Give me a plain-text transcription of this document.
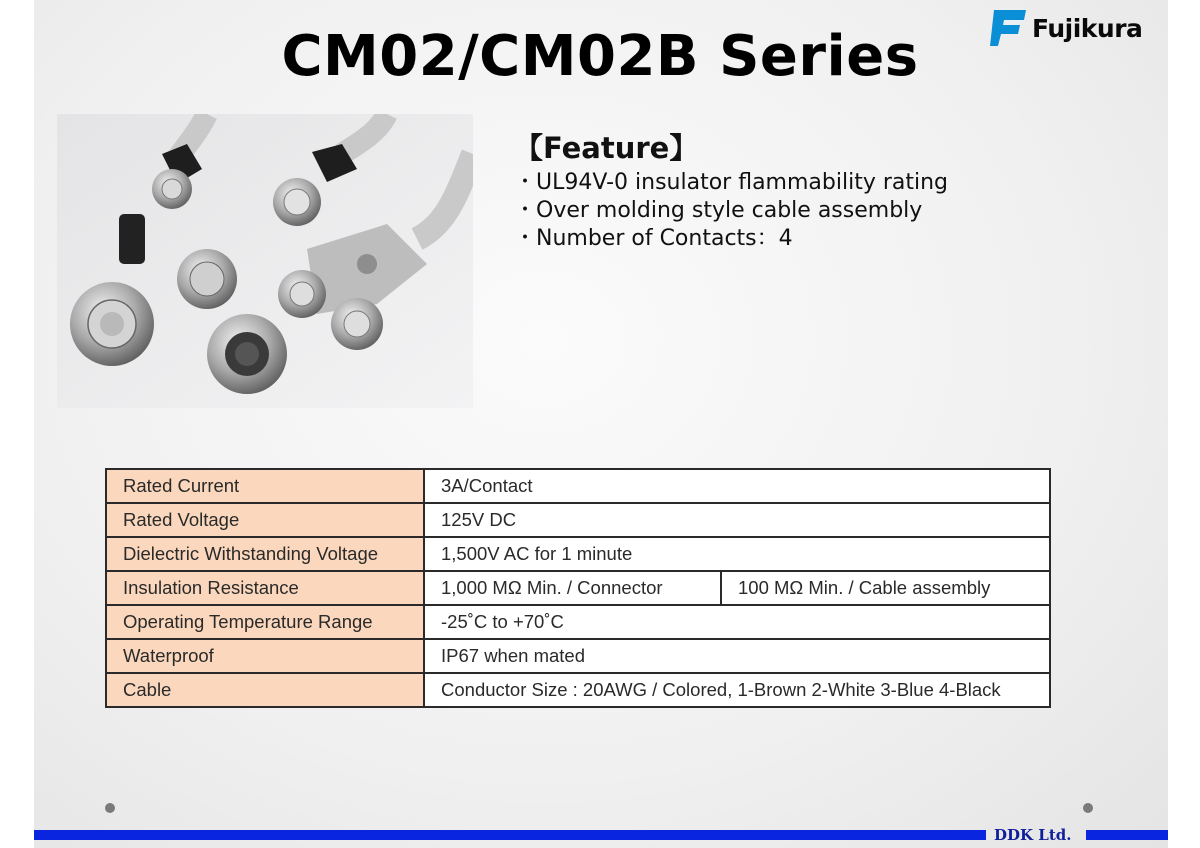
CM02/CM02B Series	Fujikura
【Feature】
・UL94V-0 insulator flammability rating
・Over molding style cable assembly
・Number of Contacts：4
Rated Current	3A/Contact	
Rated Voltage	125V DC	
Dielectric Withstanding Voltage	1,500V AC for 1 minute	
Insulation Resistance	1,000 MΩ Min. / Connector	100 MΩ Min. / Cable assembly
Operating Temperature Range	-25˚C to +70˚C	
Waterproof	IP67 when mated	
Cable	Conductor Size : 20AWG / Colored, 1-Brown 2-White 3-Blue 4-Black	
DDK Ltd.
